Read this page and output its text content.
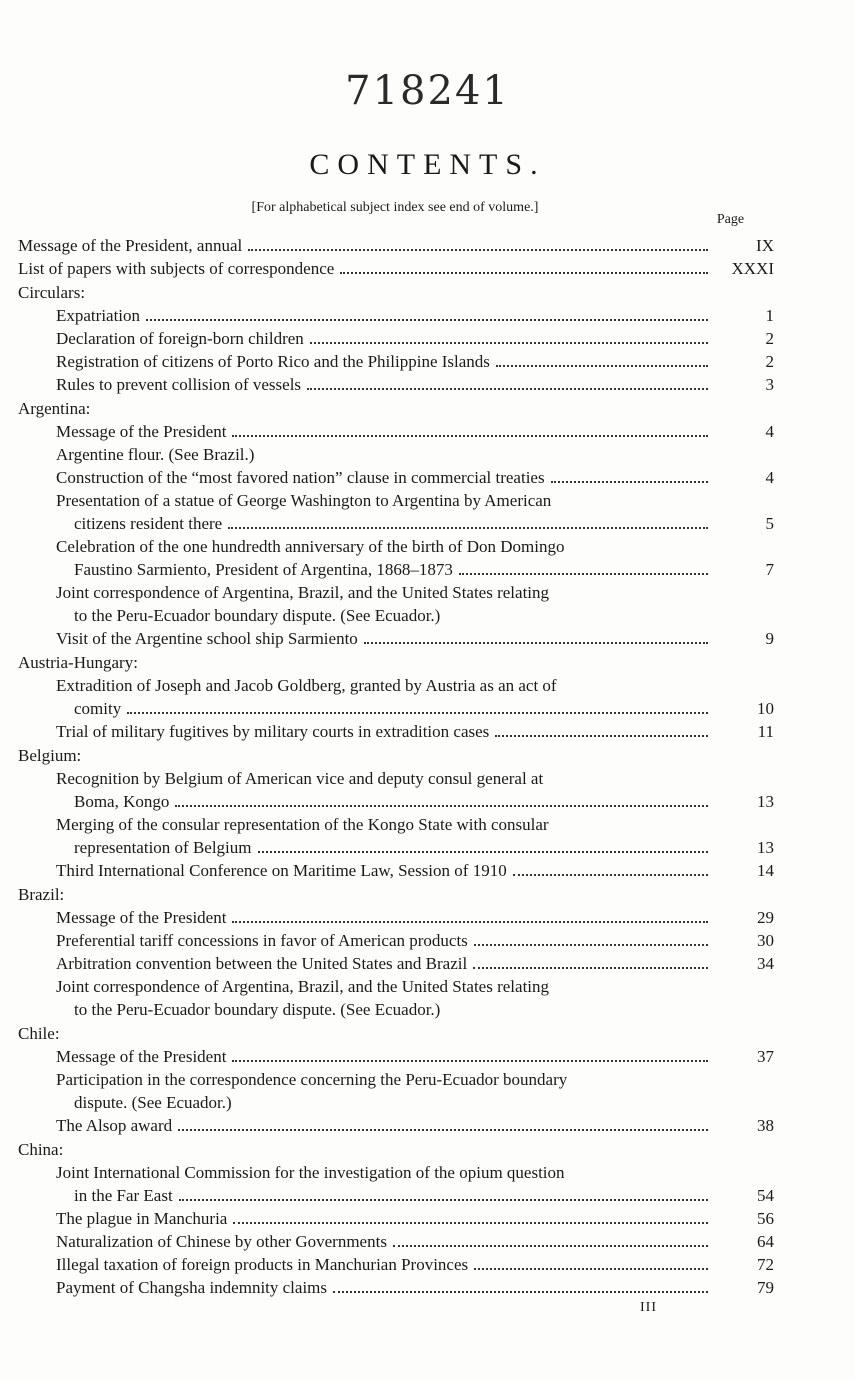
718241
CONTENTS.
[For alphabetical subject index see end of volume.]
Page
Message of the President, annual	IX
List of papers with subjects of correspondence	XXXI
Circulars:
Expatriation	1
Declaration of foreign-born children	2
Registration of citizens of Porto Rico and the Philippine Islands	2
Rules to prevent collision of vessels	3
Argentina:
Message of the President	4
Argentine flour. (See Brazil.)
Construction of the “most favored nation” clause in commercial treaties	4
Presentation of a statue of George Washington to Argentina by American
citizens resident there	5
Celebration of the one hundredth anniversary of the birth of Don Domingo
Faustino Sarmiento, President of Argentina, 1868–1873	7
Joint correspondence of Argentina, Brazil, and the United States relating
to the Peru-Ecuador boundary dispute. (See Ecuador.)
Visit of the Argentine school ship Sarmiento	9
Austria-Hungary:
Extradition of Joseph and Jacob Goldberg, granted by Austria as an act of
comity	10
Trial of military fugitives by military courts in extradition cases	11
Belgium:
Recognition by Belgium of American vice and deputy consul general at
Boma, Kongo	13
Merging of the consular representation of the Kongo State with consular
representation of Belgium	13
Third International Conference on Maritime Law, Session of 1910	14
Brazil:
Message of the President	29
Preferential tariff concessions in favor of American products	30
Arbitration convention between the United States and Brazil	34
Joint correspondence of Argentina, Brazil, and the United States relating
to the Peru-Ecuador boundary dispute. (See Ecuador.)
Chile:
Message of the President	37
Participation in the correspondence concerning the Peru-Ecuador boundary
dispute. (See Ecuador.)
The Alsop award	38
China:
Joint International Commission for the investigation of the opium question
in the Far East	54
The plague in Manchuria	56
Naturalization of Chinese by other Governments	64
Illegal taxation of foreign products in Manchurian Provinces	72
Payment of Changsha indemnity claims	79
III
